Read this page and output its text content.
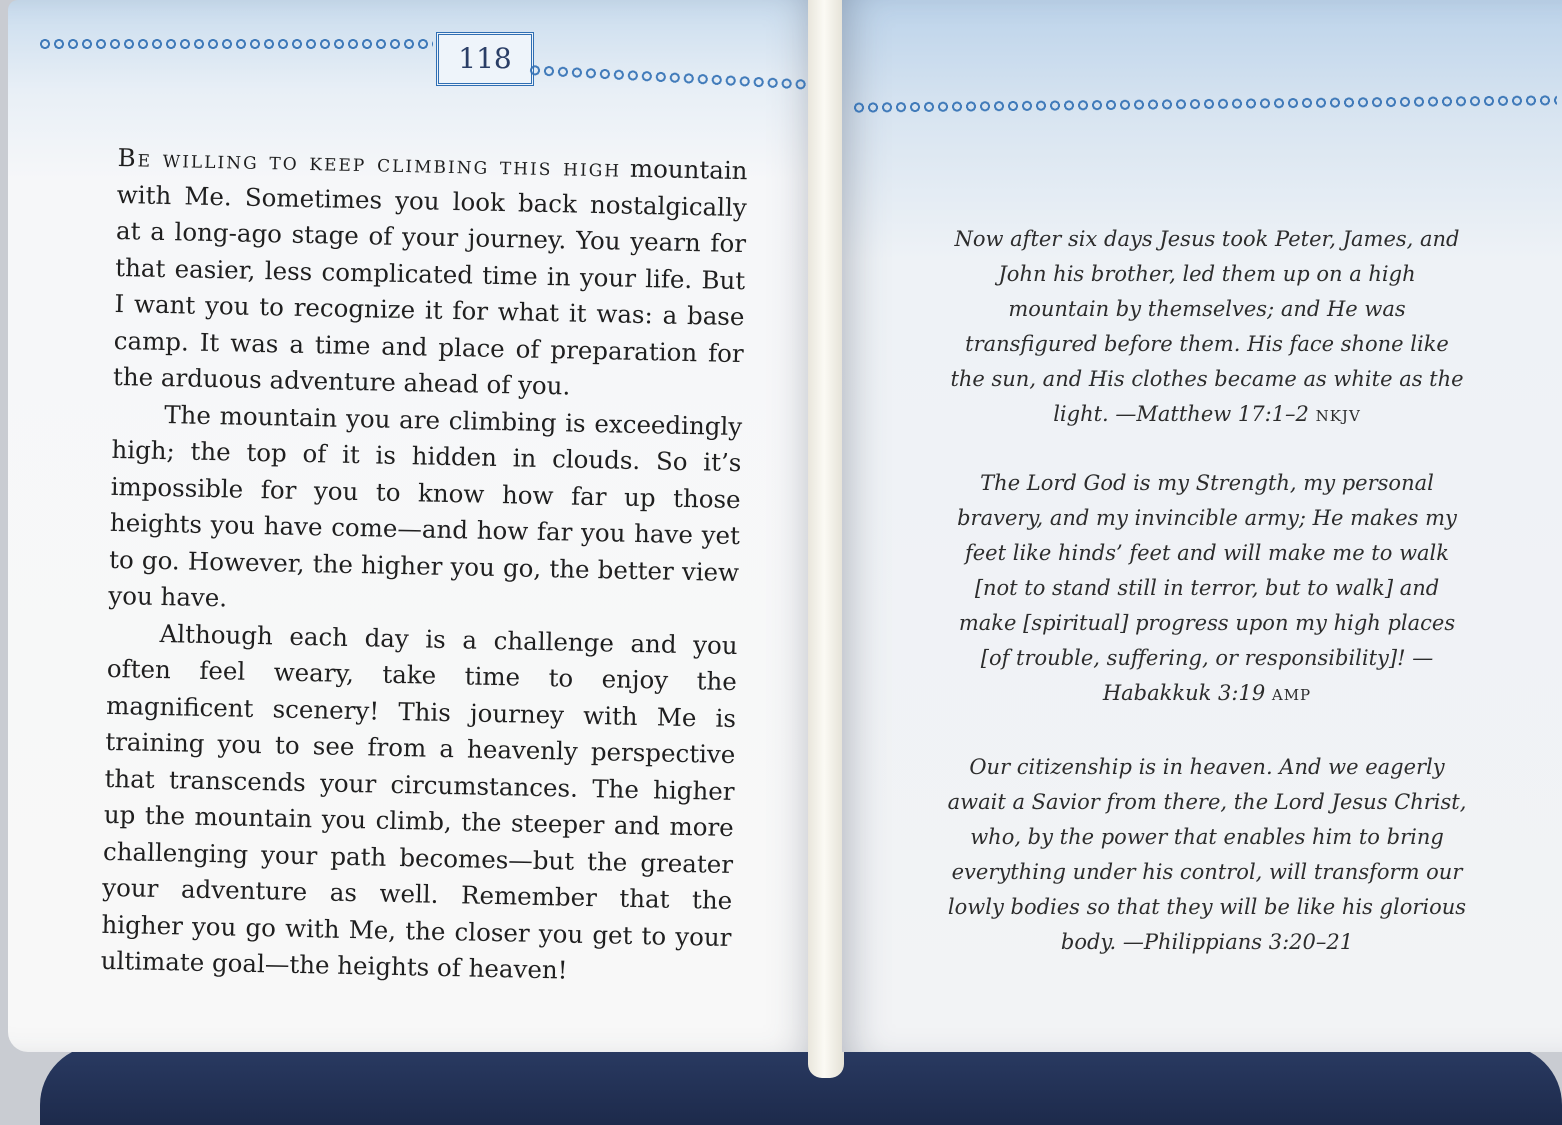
118

Be willing to keep climbing this high mountain with Me. Sometimes you look back nostalgically at a long-ago stage of your journey. You yearn for that easier, less complicated time in your life. But I want you to recognize it for what it was: a base camp. It was a time and place of preparation for the arduous adventure ahead of you.

The mountain you are climbing is exceedingly high; the top of it is hidden in clouds. So it’s impossible for you to know how far up those heights you have come—and how far you have yet to go. However, the higher you go, the better view you have.

Although each day is a challenge and you often feel weary, take time to enjoy the magnificent scenery! This journey with Me is training you to see from a heavenly perspective that transcends your circumstances. The higher up the mountain you climb, the steeper and more challenging your path becomes—but the greater your adventure as well. Remember that the higher you go with Me, the closer you get to your ultimate goal—the heights of heaven!

Now after six days Jesus took Peter, James, and John his brother, led them up on a high mountain by themselves; and He was transfigured before them. His face shone like the sun, and His clothes became as white as the light. —Matthew 17:1–2 NKJV
The Lord God is my Strength, my personal bravery, and my invincible army; He makes my feet like hinds’ feet and will make me to walk [not to stand still in terror, but to walk] and make [spiritual] progress upon my high places [of trouble, suffering, or responsibility]! —Habakkuk 3:19 AMP
Our citizenship is in heaven. And we eagerly await a Savior from there, the Lord Jesus Christ, who, by the power that enables him to bring everything under his control, will transform our lowly bodies so that they will be like his glorious body. —Philippians 3:20–21
